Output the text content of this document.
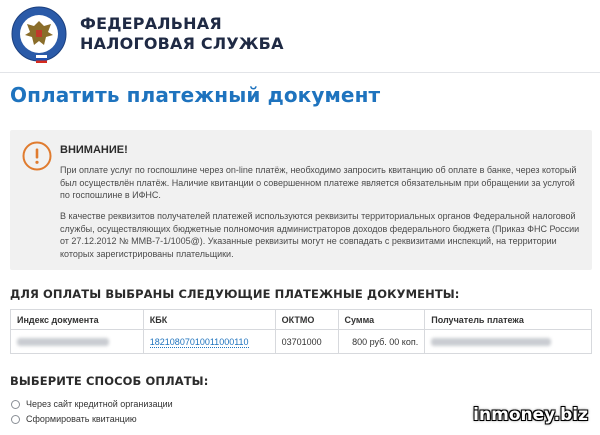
ФЕДЕРАЛЬНАЯ
НАЛОГОВАЯ СЛУЖБА
Оплатить платежный документ
ВНИМАНИЕ!

При оплате услуг по госпошлине через on-line платёж, необходимо запросить квитанцию об оплате в банке, через который был осуществлён платёж. Наличие квитанции о совершенном платеже является обязательным при обращении за услугой по госпошлине в ИФНС.

В качестве реквизитов получателей платежей используются реквизиты территориальных органов Федеральной налоговой службы, осуществляющих бюджетные полномочия администраторов доходов федерального бюджета (Приказ ФНС России от 27.12.2012 № ММВ-7-1/1005@). Указанные реквизиты могут не совпадать с реквизитами инспекций, на территории которых зарегистрированы плательщики.

ДЛЯ ОПЛАТЫ ВЫБРАНЫ СЛЕДУЮЩИЕ ПЛАТЕЖНЫЕ ДОКУМЕНТЫ:
Индекс документа	КБК	ОКТМО	Сумма	Получатель платежа
	18210807010011000110	03701000	800 руб. 00 коп.	

ВЫБЕРИТЕ СПОСОБ ОПЛАТЫ:
Через сайт кредитной организации
Сформировать квитанцию	inmoney.biz
